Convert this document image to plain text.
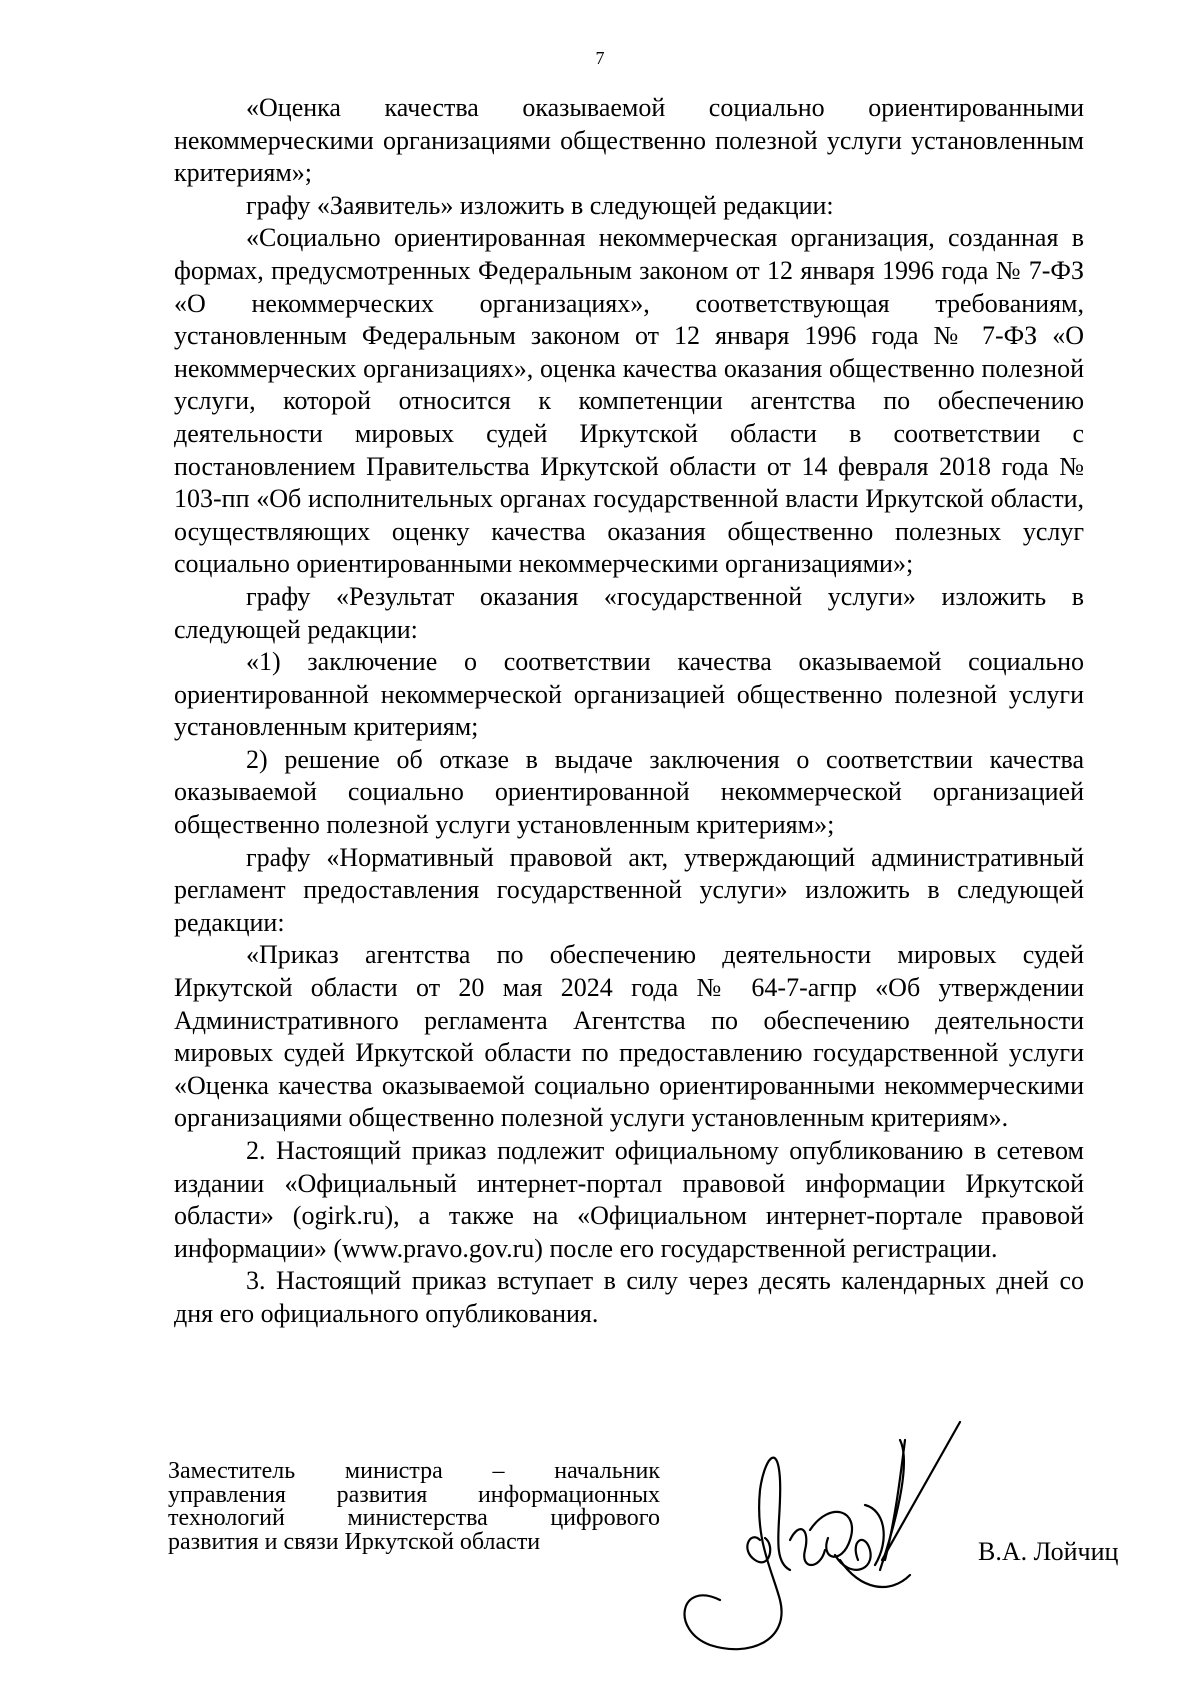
7

«Оценка качества оказываемой социально ориентированными некоммерческими организациями общественно полезной услуги установленным критериям»;

графу «Заявитель» изложить в следующей редакции:

«Социально ориентированная некоммерческая организация, созданная в формах, предусмотренных Федеральным законом от 12 января 1996 года № 7-ФЗ «О некоммерческих организациях», соответствующая требованиям, установленным Федеральным законом от 12 января 1996 года № 7-ФЗ «О некоммерческих организациях», оценка качества оказания общественно полезной услуги, которой относится к компетенции агентства по обеспечению деятельности мировых судей Иркутской области в соответствии с постановлением Правительства Иркутской области от 14 февраля 2018 года № 103-пп «Об исполнительных органах государственной власти Иркутской области, осуществляющих оценку качества оказания общественно полезных услуг социально ориентированными некоммерческими организациями»;

графу «Результат оказания «государственной услуги» изложить в следующей редакции:

«1) заключение о соответствии качества оказываемой социально ориентированной некоммерческой организацией общественно полезной услуги установленным критериям;

2) решение об отказе в выдаче заключения о соответствии качества оказываемой социально ориентированной некоммерческой организацией общественно полезной услуги установленным критериям»;

графу «Нормативный правовой акт, утверждающий административный регламент предоставления государственной услуги» изложить в следующей редакции:

«Приказ агентства по обеспечению деятельности мировых судей Иркутской области от 20 мая 2024 года № 64-7-агпр «Об утверждении Административного регламента Агентства по обеспечению деятельности мировых судей Иркутской области по предоставлению государственной услуги «Оценка качества оказываемой социально ориентированными некоммерческими организациями общественно полезной услуги установленным критериям».

2. Настоящий приказ подлежит официальному опубликованию в сетевом издании «Официальный интернет-портал правовой информации Иркутской области» (ogirk.ru), а также на «Официальном интернет-портале правовой информации» (www.pravo.gov.ru) после его государственной регистрации.

3. Настоящий приказ вступает в силу через десять календарных дней со дня его официального опубликования.

Заместитель министра – начальник
управления развития информационных
технологий министерства цифрового
развития и связи Иркутской области	В.А. Лойчиц
